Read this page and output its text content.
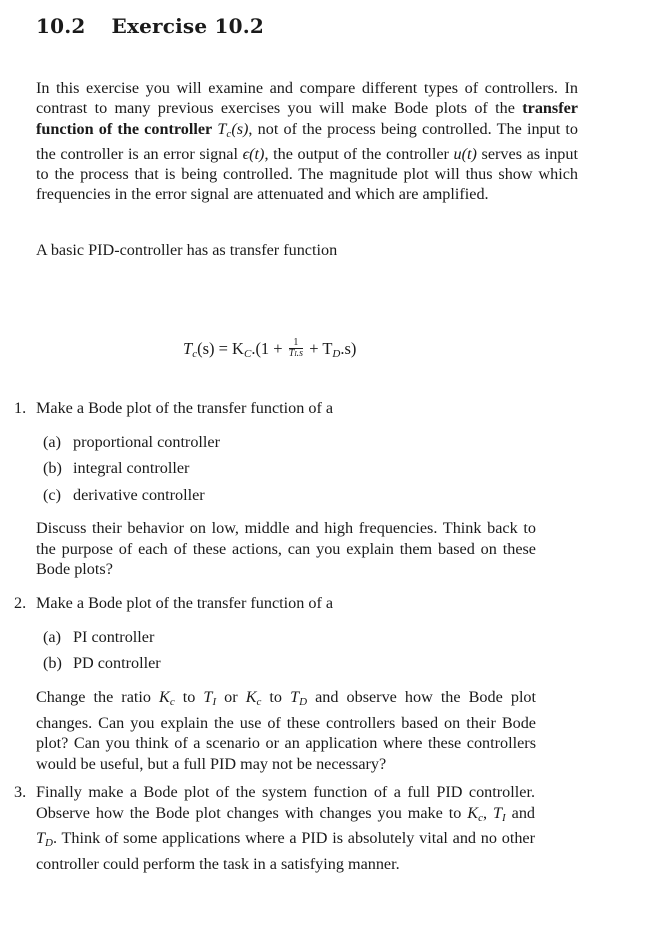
10.2 Exercise 10.2
In this exercise you will examine and compare different types of controllers. In contrast to many previous exercises you will make Bode plots of the transfer function of the controller $T_c(s)$, not of the process being controlled. The input to the controller is an error signal ϵ(t), the output of the controller u(t) serves as input to the process that is being controlled. The magnitude plot will thus show which frequencies in the error signal are attenuated and which are amplified.
A basic PID-controller has as transfer function
$T_c(s) = K_C.(1 + \frac{1}{TI.s} + T_D.s)$
1. Make a Bode plot of the transfer function of a
(a) proportional controller
(b) integral controller
(c) derivative controller
Discuss their behavior on low, middle and high frequencies. Think back to the purpose of each of these actions, can you explain them based on these Bode plots?
2. Make a Bode plot of the transfer function of a
(a) PI controller
(b) PD controller
Change the ratio $K_c$ to $T_I$ or $K_c$ to $T_D$ and observe how the Bode plot changes. Can you explain the use of these controllers based on their Bode plot? Can you think of a scenario or an application where these controllers would be useful, but a full PID may not be necessary?
3. Finally make a Bode plot of the system function of a full PID controller. Observe how the Bode plot changes with changes you make to $K_c$, $T_I$ and $T_D$. Think of some applications where a PID is absolutely vital and no other controller could perform the task in a satisfying manner.
